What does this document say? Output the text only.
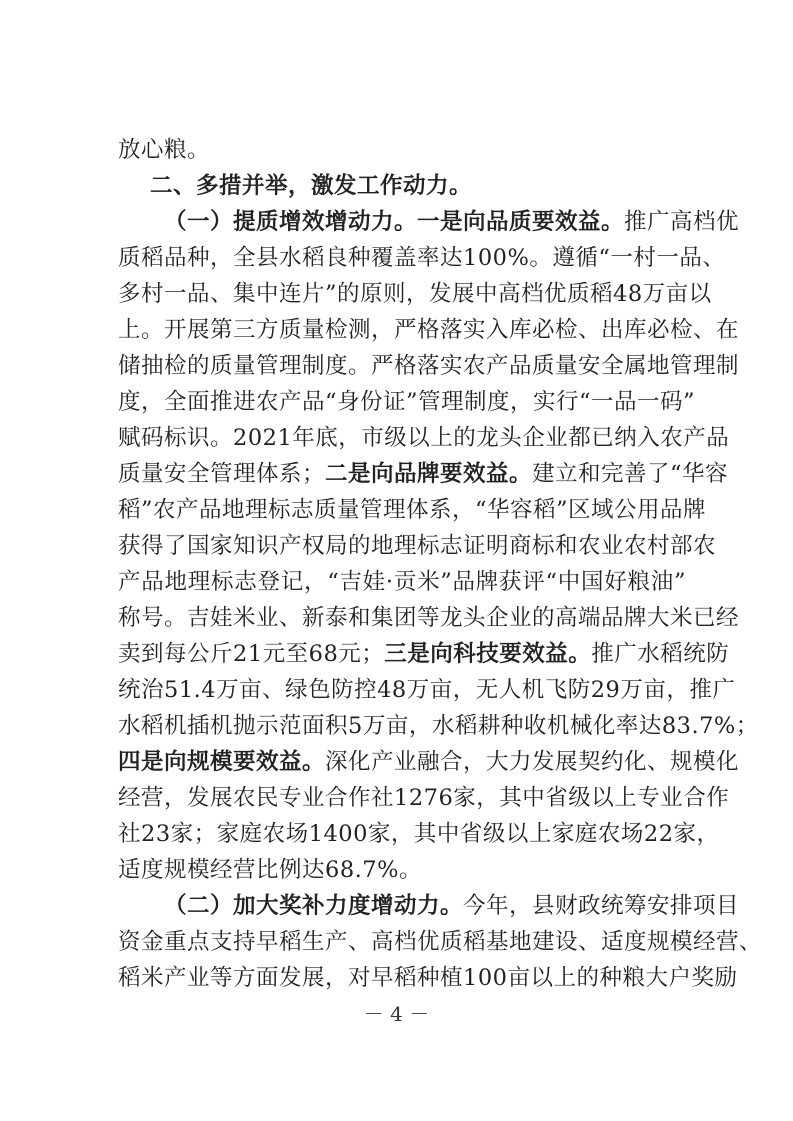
放心粮。
二、多措并举，激发工作动力。
（一）提质增效增动力。一是向品质要效益。推广高档优
质稻品种，全县水稻良种覆盖率达100%。遵循“一村一品、
多村一品、集中连片”的原则，发展中高档优质稻48万亩以
上。开展第三方质量检测，严格落实入库必检、出库必检、在
储抽检的质量管理制度。严格落实农产品质量安全属地管理制
度，全面推进农产品“身份证”管理制度，实行“一品一码”
赋码标识。2021年底，市级以上的龙头企业都已纳入农产品
质量安全管理体系；二是向品牌要效益。建立和完善了“华容
稻”农产品地理标志质量管理体系，“华容稻”区域公用品牌
获得了国家知识产权局的地理标志证明商标和农业农村部农
产品地理标志登记，“吉娃·贡米”品牌获评“中国好粮油”
称号。吉娃米业、新泰和集团等龙头企业的高端品牌大米已经
卖到每公斤21元至68元；三是向科技要效益。推广水稻统防
统治51.4万亩、绿色防控48万亩，无人机飞防29万亩，推广
水稻机插机抛示范面积5万亩，水稻耕种收机械化率达83.7%；
四是向规模要效益。深化产业融合，大力发展契约化、规模化
经营，发展农民专业合作社1276家，其中省级以上专业合作
社23家；家庭农场1400家，其中省级以上家庭农场22家，
适度规模经营比例达68.7%。
（二）加大奖补力度增动力。今年，县财政统筹安排项目
资金重点支持早稻生产、高档优质稻基地建设、适度规模经营、
稻米产业等方面发展，对早稻种植100亩以上的种粮大户奖励
－ 4 －
